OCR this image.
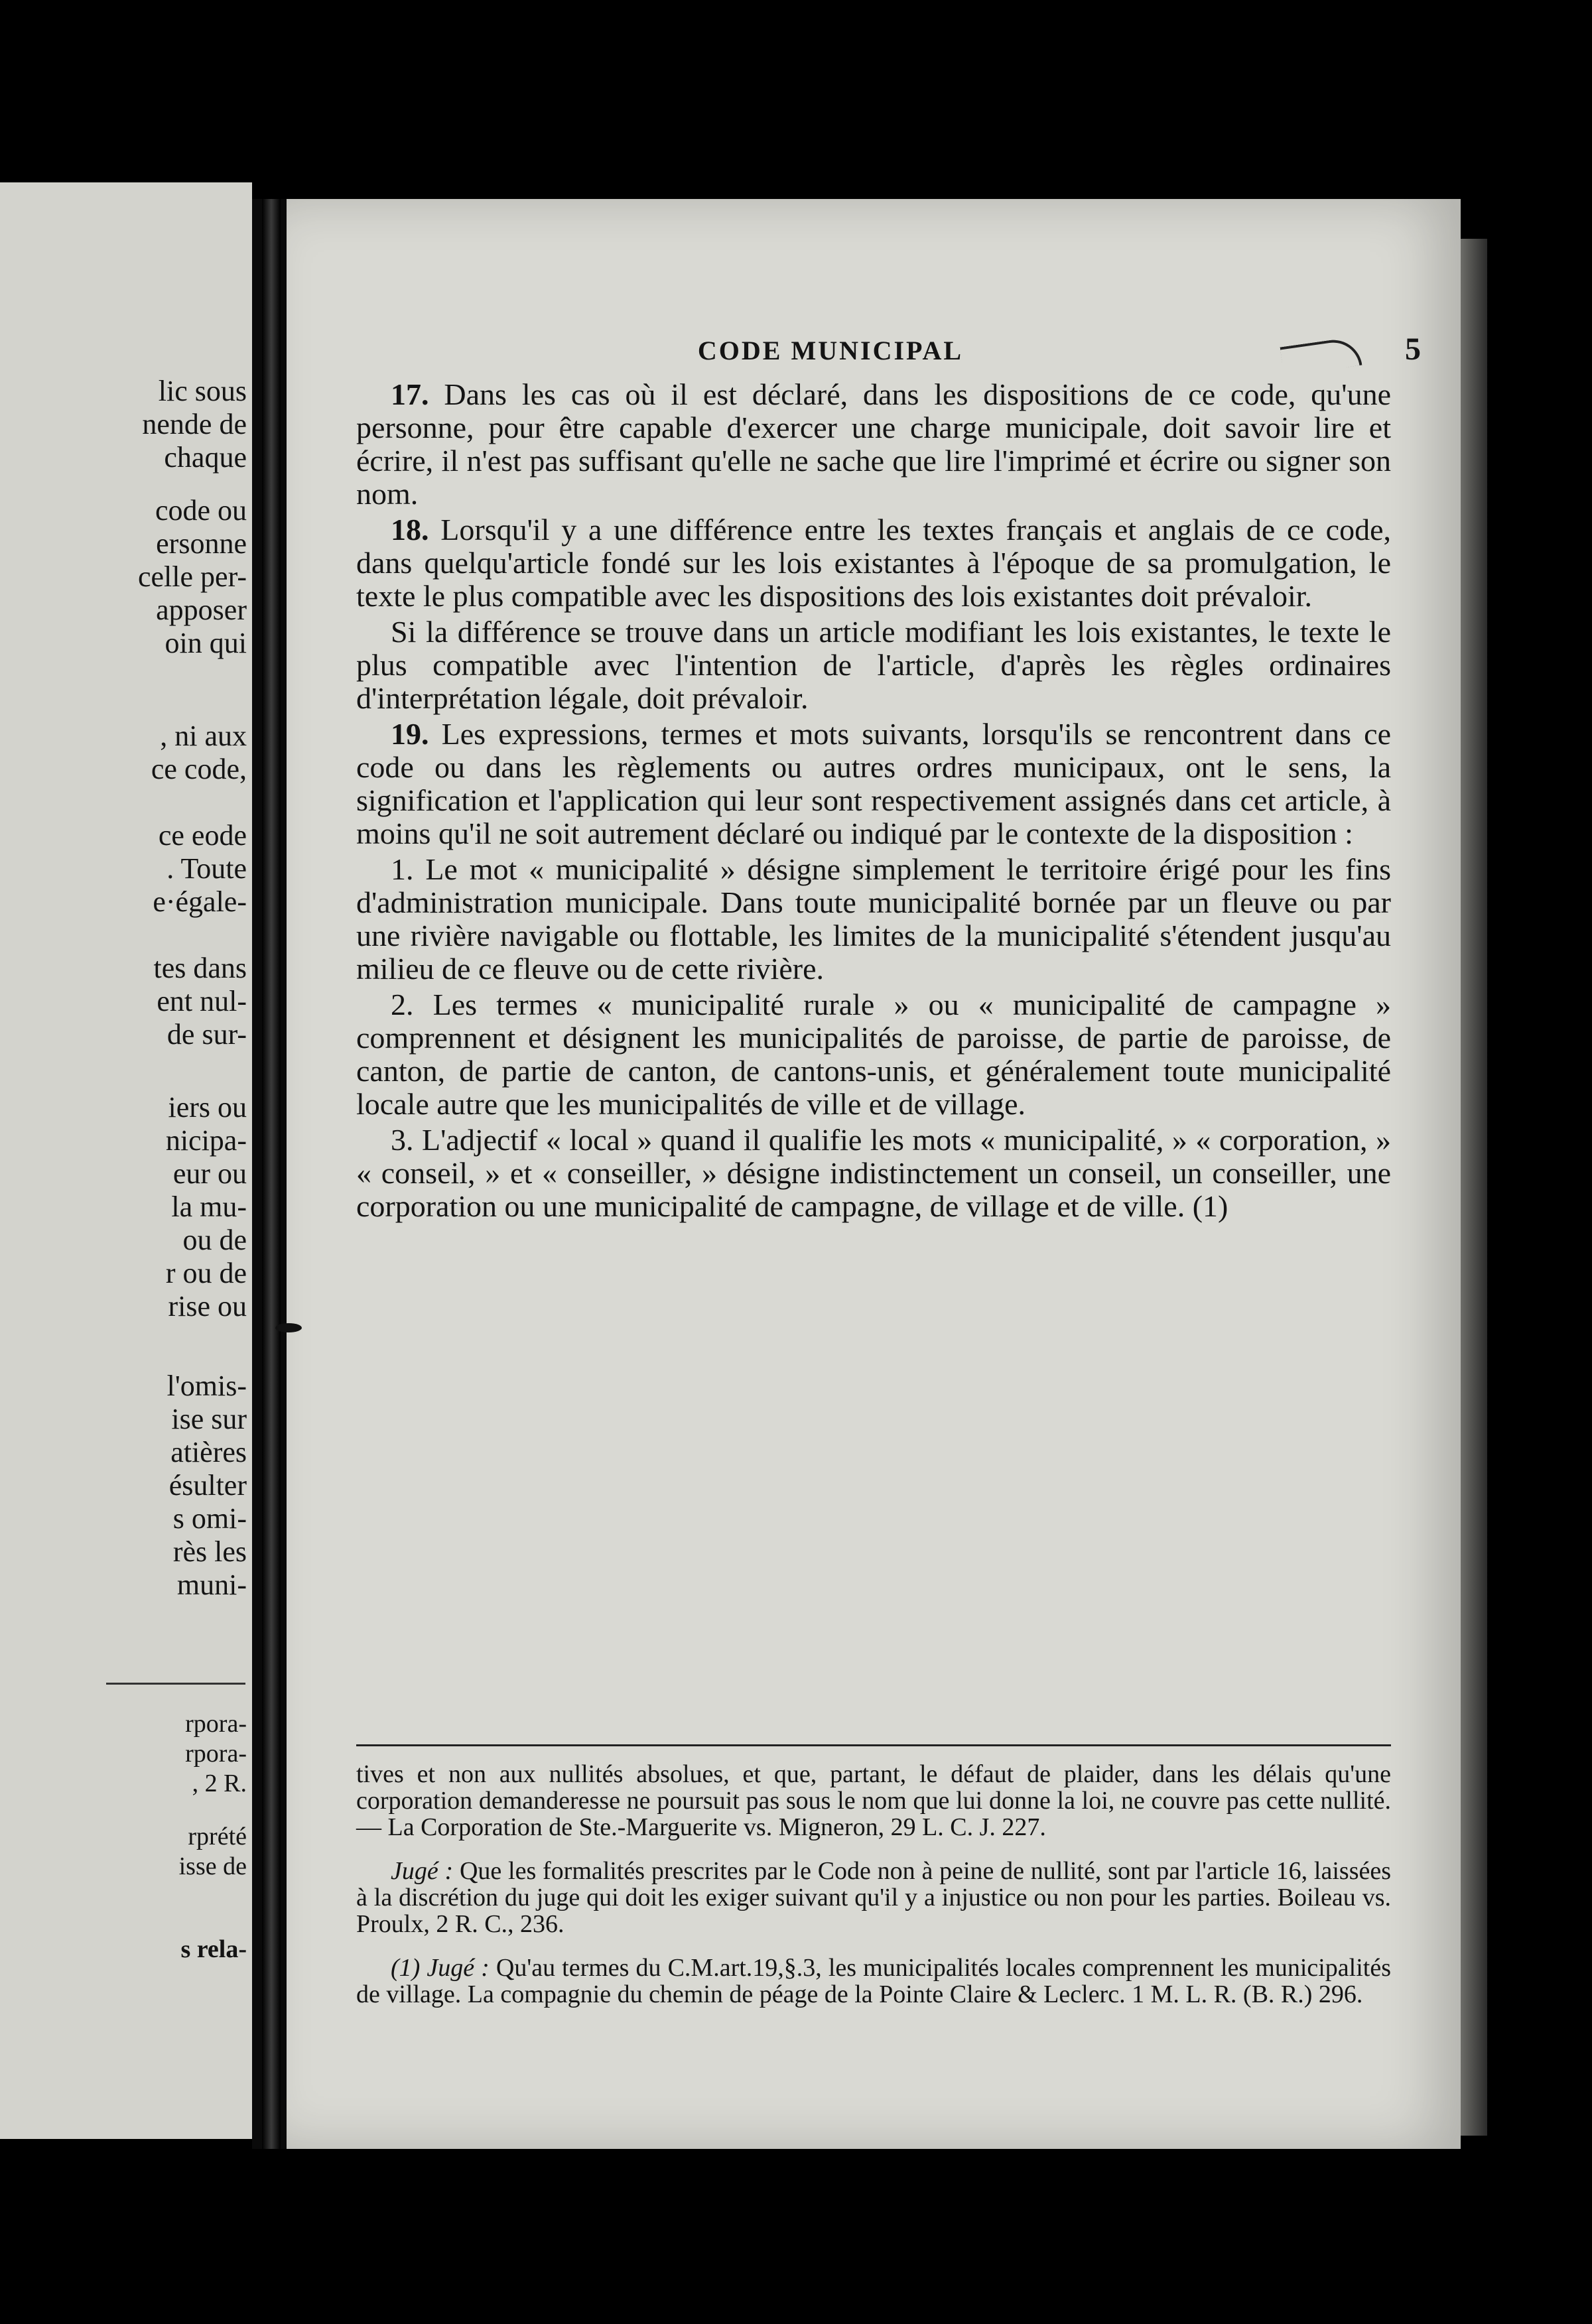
lic sous
nende de
chaque
code ou
ersonne
celle per-
apposer
oin qui
, ni aux
ce code,
ce eode
. Toute
e·égale-
tes dans
ent nul-
de sur-
iers ou
nicipa-
eur ou
la mu-
ou de
r ou de
rise ou
l'omis-
ise sur
atières
ésulter
s omi-
rès les
muni-
rpora-
rpora-
, 2 R.
rprété
isse de
s rela-
CODE MUNICIPAL	5

17. Dans les cas où il est déclaré, dans les dispositions de ce code, qu'une personne, pour être capable d'exercer une charge municipale, doit savoir lire et écrire, il n'est pas suffisant qu'elle ne sache que lire l'imprimé et écrire ou signer son nom.

18. Lorsqu'il y a une différence entre les textes français et anglais de ce code, dans quelqu'article fondé sur les lois existantes à l'époque de sa promulgation, le texte le plus compatible avec les dispositions des lois existantes doit prévaloir.

Si la différence se trouve dans un article modifiant les lois existantes, le texte le plus compatible avec l'intention de l'article, d'après les règles ordinaires d'interprétation légale, doit prévaloir.

19. Les expressions, termes et mots suivants, lorsqu'ils se rencontrent dans ce code ou dans les règlements ou autres ordres municipaux, ont le sens, la signification et l'application qui leur sont respectivement assignés dans cet article, à moins qu'il ne soit autrement déclaré ou indiqué par le contexte de la disposition :

1. Le mot « municipalité » désigne simplement le territoire érigé pour les fins d'administration municipale. Dans toute municipalité bornée par un fleuve ou par une rivière navigable ou flottable, les limites de la municipalité s'étendent jusqu'au milieu de ce fleuve ou de cette rivière.

2. Les termes « municipalité rurale » ou « municipalité de campagne » comprennent et désignent les municipalités de paroisse, de partie de paroisse, de canton, de partie de canton, de cantons-unis, et généralement toute municipalité locale autre que les municipalités de ville et de village.

3. L'adjectif « local » quand il qualifie les mots « municipalité, » « corporation, » « conseil, » et « conseiller, » désigne indistinctement un conseil, un conseiller, une corporation ou une municipalité de campagne, de village et de ville. (1)

tives et non aux nullités absolues, et que, partant, le défaut de plaider, dans les délais qu'une corporation demanderesse ne poursuit pas sous le nom que lui donne la loi, ne couvre pas cette nullité.— La Corporation de Ste.-Marguerite vs. Migneron, 29 L. C. J. 227.

Jugé : Que les formalités prescrites par le Code non à peine de nullité, sont par l'article 16, laissées à la discrétion du juge qui doit les exiger suivant qu'il y a injustice ou non pour les parties. Boileau vs. Proulx, 2 R. C., 236.

(1) Jugé : Qu'au termes du C.M.art.19,§.3, les municipalités locales comprennent les municipalités de village. La compagnie du chemin de péage de la Pointe Claire & Leclerc. 1 M. L. R. (B. R.) 296.
